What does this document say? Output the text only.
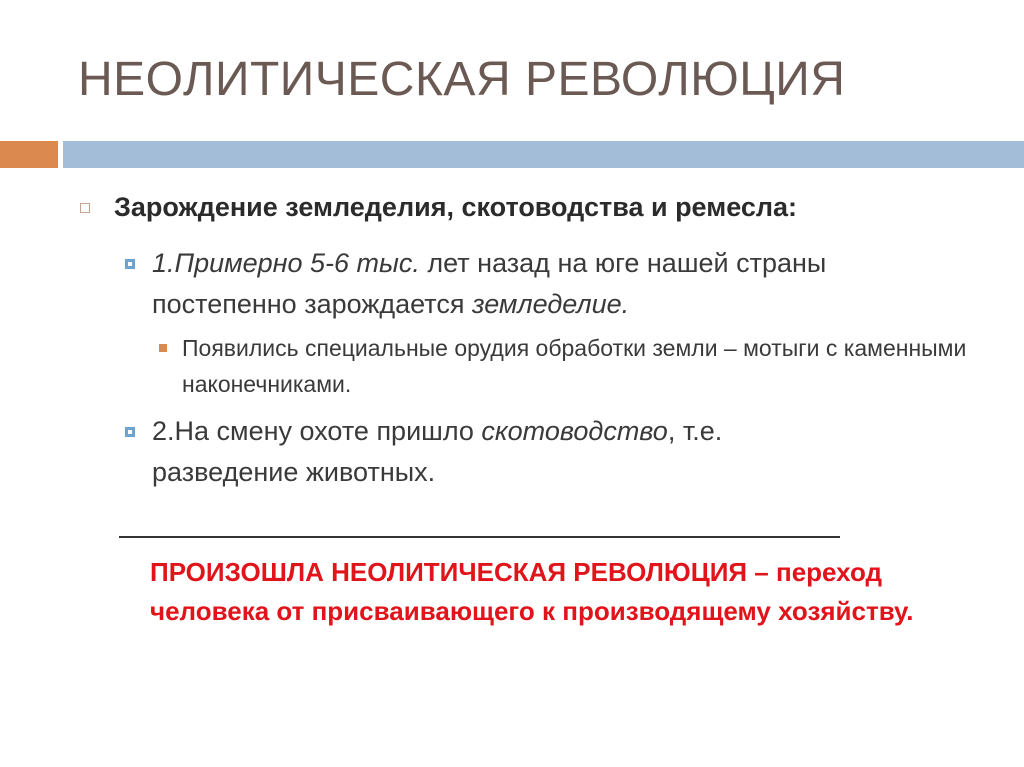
НЕОЛИТИЧЕСКАЯ РЕВОЛЮЦИЯ
Зарождение земледелия, скотоводства и ремесла:
1.Примерно 5-6 тыс. лет назад на юге нашей страны постепенно зарождается земледелие.
Появились специальные орудия обработки земли – мотыги с каменными наконечниками.
2.На смену охоте пришло скотоводство, т.е. разведение животных.
ПРОИЗОШЛА НЕОЛИТИЧЕСКАЯ РЕВОЛЮЦИЯ – переход человека от присваивающего к производящему хозяйству.
